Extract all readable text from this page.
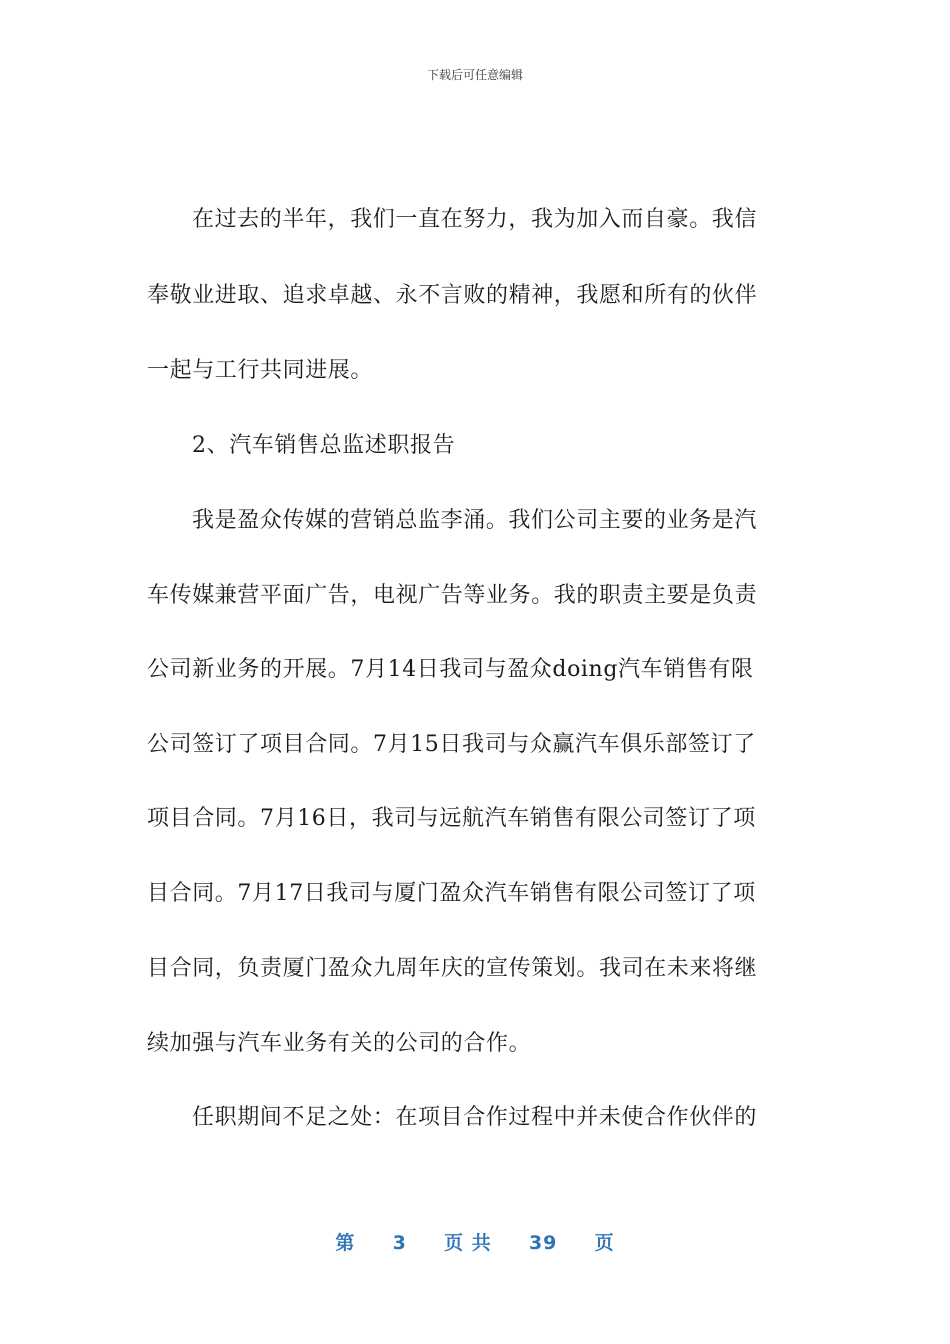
下载后可任意编辑
在过去的半年，我们一直在努力，我为加入而自豪。我信
奉敬业进取、追求卓越、永不言败的精神，我愿和所有的伙伴
一起与工行共同进展。
2、汽车销售总监述职报告
我是盈众传媒的营销总监李涌。我们公司主要的业务是汽
车传媒兼营平面广告，电视广告等业务。我的职责主要是负责
公司新业务的开展。7月14日我司与盈众doing汽车销售有限
公司签订了项目合同。7月15日我司与众赢汽车俱乐部签订了
项目合同。7月16日，我司与远航汽车销售有限公司签订了项
目合同。7月17日我司与厦门盈众汽车销售有限公司签订了项
目合同，负责厦门盈众九周年庆的宣传策划。我司在未来将继
续加强与汽车业务有关的公司的合作。
任职期间不足之处：在项目合作过程中并未使合作伙伴的
第 3 页 共 39 页
